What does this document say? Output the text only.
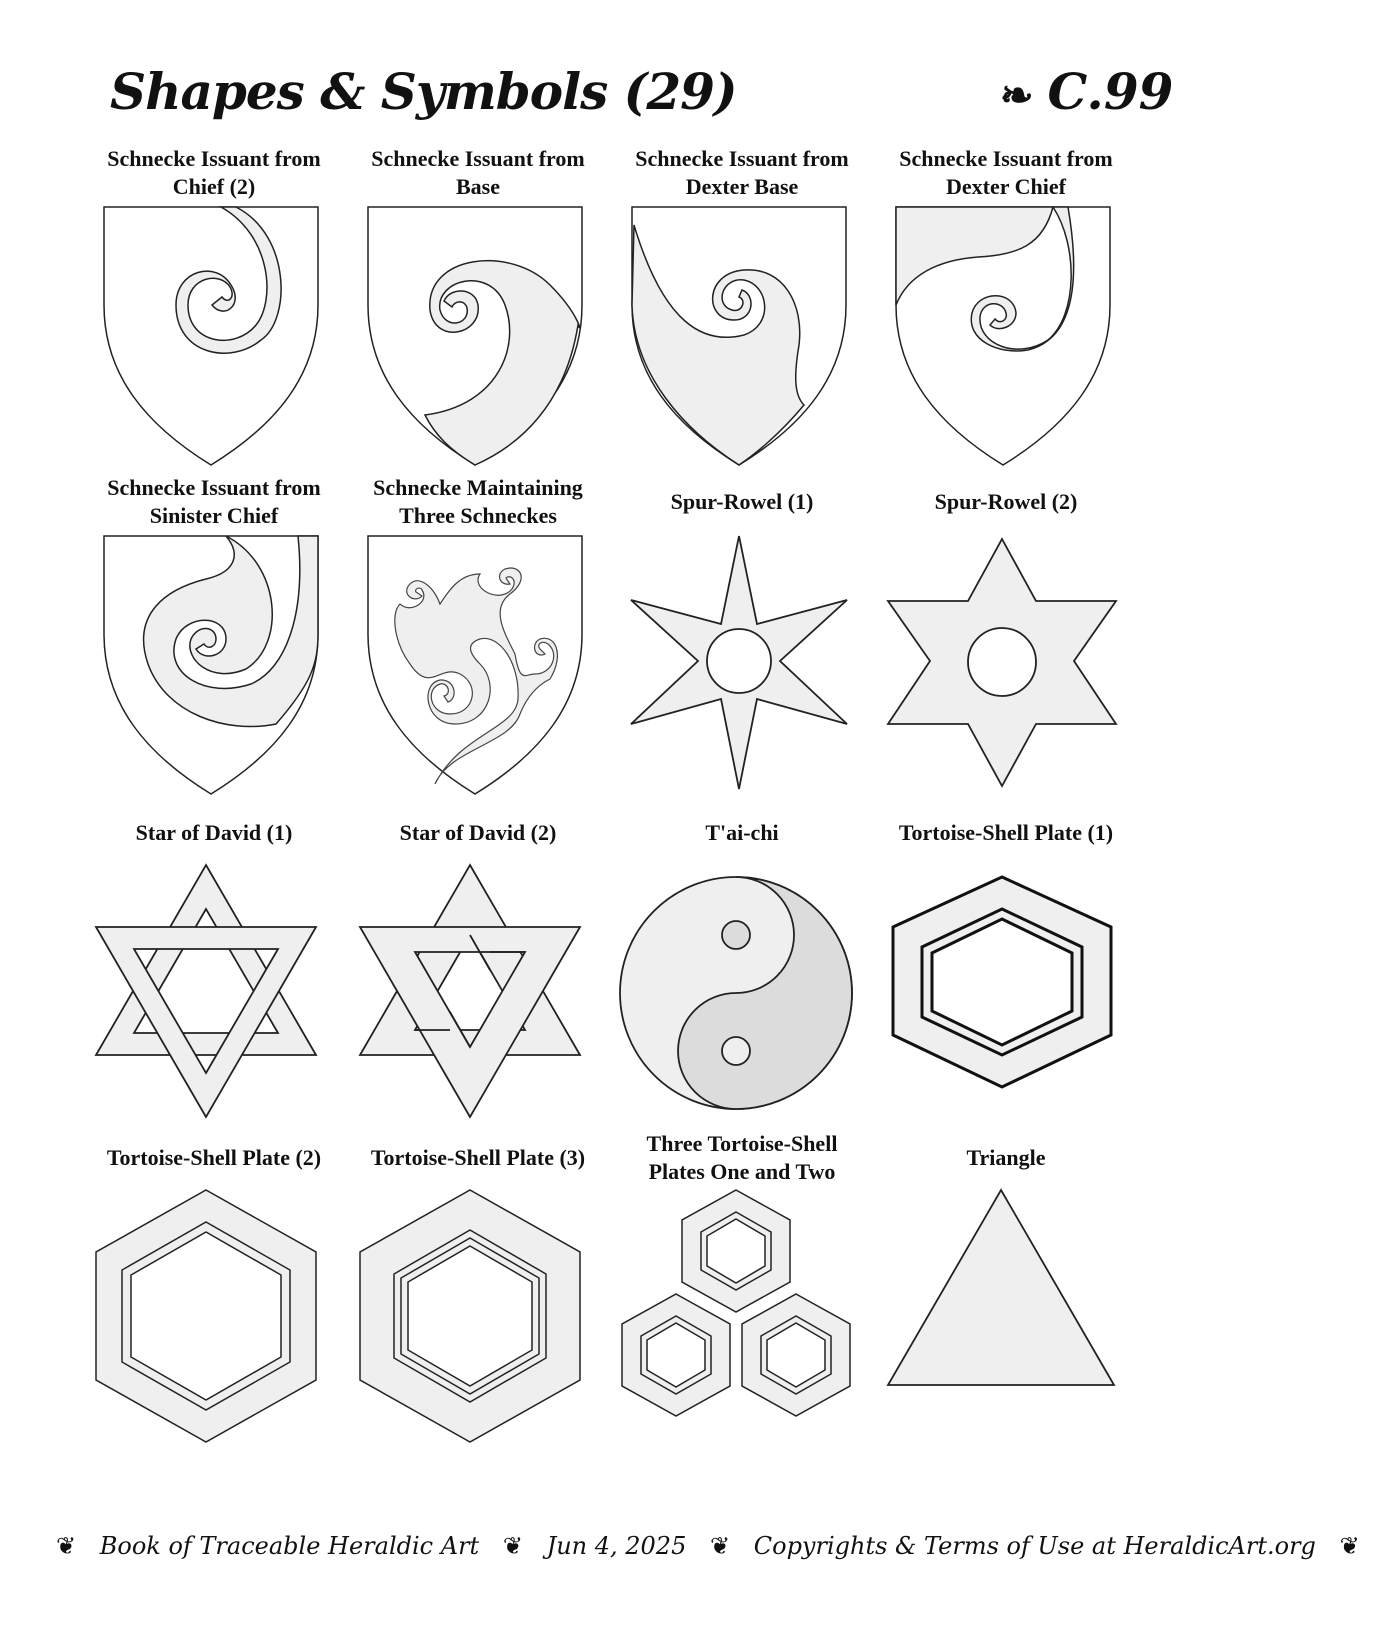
Shapes & Symbols (29)	❧ C.99
Schnecke Issuant from
Chief (2)
Schnecke Issuant from
Base
Schnecke Issuant from
Dexter Base
Schnecke Issuant from
Dexter Chief
Schnecke Issuant from
Sinister Chief
Schnecke Maintaining
Three Schneckes
Spur-Rowel (1)	Spur-Rowel (2)
Star of David (1)	Star of David (2)	T'ai-chi	Tortoise-Shell Plate (1)
Tortoise-Shell Plate (2)	Tortoise-Shell Plate (3)
Three Tortoise-Shell
Plates One and Two
Triangle
❦ Book of Traceable Heraldic Art ❦ Jun 4, 2025 ❦ Copyrights & Terms of Use at HeraldicArt.org ❦
